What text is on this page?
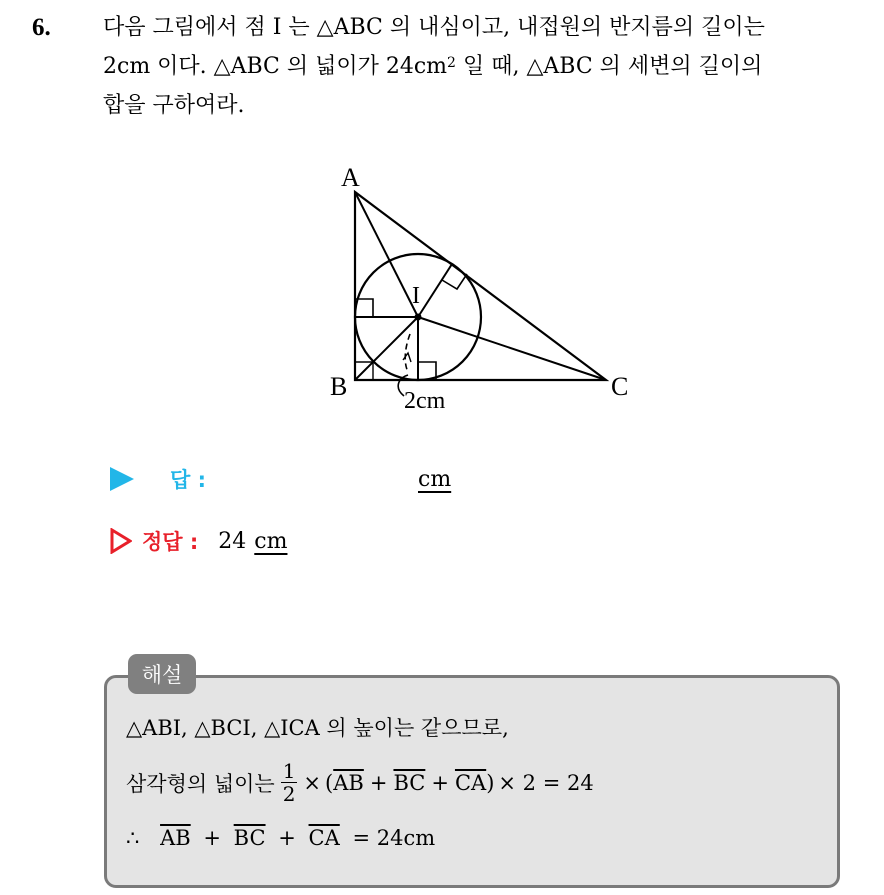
6. 다음 그림에서 점 I 는 △ABC 의 내심이고, 내접원의 반지름의 길이는
2cm 이다. △ABC 의 넓이가 $24cm^2$ 일 때, △ABC 의 세변의 길이의
합을 구하여라.
A
B	C
I
2cm
답 :	cm
정답 : 24 cm
해설
△ABI, △BCI, △ICA 의 높이는 같으므로,
삼각형의 넓이는 $\frac{1}{2}$ × ( $\overline{AB} + \overline{BC} + \overline{CA}$ ) × 2 = 24
∴ $\overline{AB} + \overline{BC} + \overline{CA} = 24cm$
